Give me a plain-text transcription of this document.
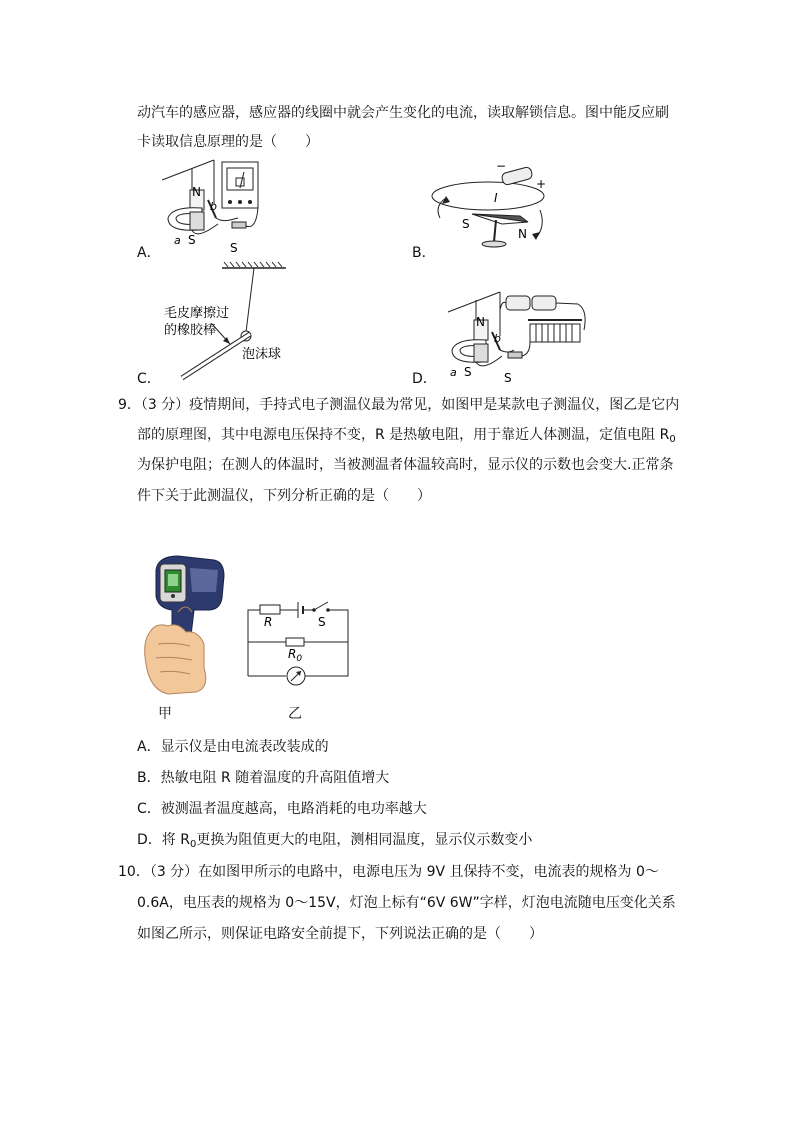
动汽车的感应器，感应器的线圈中就会产生变化的电流，读取解锁信息。图中能反应刷
卡读取信息原理的是（　　）
N
b
a S
S
A．
−
+
I
S
N
B．
毛皮摩擦过
的橡胶棒
泡沫球
C．
N
b
a S	S
D．
9．（3 分）疫情期间，手持式电子测温仪最为常见，如图甲是某款电子测温仪，图乙是它内
部的原理图，其中电源电压保持不变，R 是热敏电阻，用于靠近人体测温，定值电阻 $R_0$
为保护电阻；在测人的体温时，当被测温者体温较高时，显示仪的示数也会变大.正常条
件下关于此测温仪，下列分析正确的是（　　）
甲
R	S
$R_0$
乙
A．显示仪是由电流表改装成的
B．热敏电阻 R 随着温度的升高阻值增大
C．被测温者温度越高，电路消耗的电功率越大
D．将 $R_0$更换为阻值更大的电阻，测相同温度，显示仪示数变小
10．（3 分）在如图甲所示的电路中，电源电压为 9V 且保持不变，电流表的规格为 0～
0.6A，电压表的规格为 0～15V，灯泡上标有“6V 6W”字样，灯泡电流随电压变化关系
如图乙所示，则保证电路安全前提下，下列说法正确的是（　　）
